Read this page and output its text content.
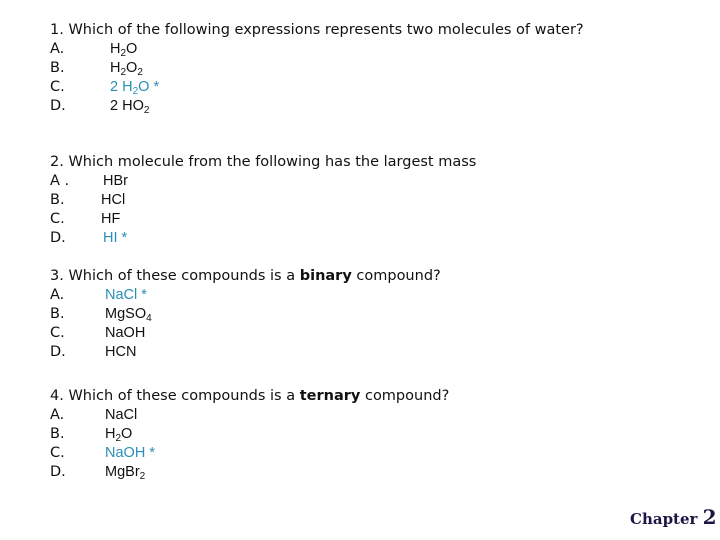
1. Which of the following expressions represents two molecules of water?
A.	$H_2O$
B.	$H_2O_2$
C.	2 $H_2O$ *
D.	2 $HO_2$
2. Which molecule from the following has the largest mass
A . HBr
B.	HCl
C.	HF
D.	HI *
3. Which of these compounds is a binary compound?
A.	NaCl *
B.	MgSO$_4$
C.	NaOH
D.	HCN
4. Which of these compounds is a ternary compound?
A.	NaCl
B.	$H_2O$
C.	NaOH *
D.	MgBr$_2$
Chapter 2
